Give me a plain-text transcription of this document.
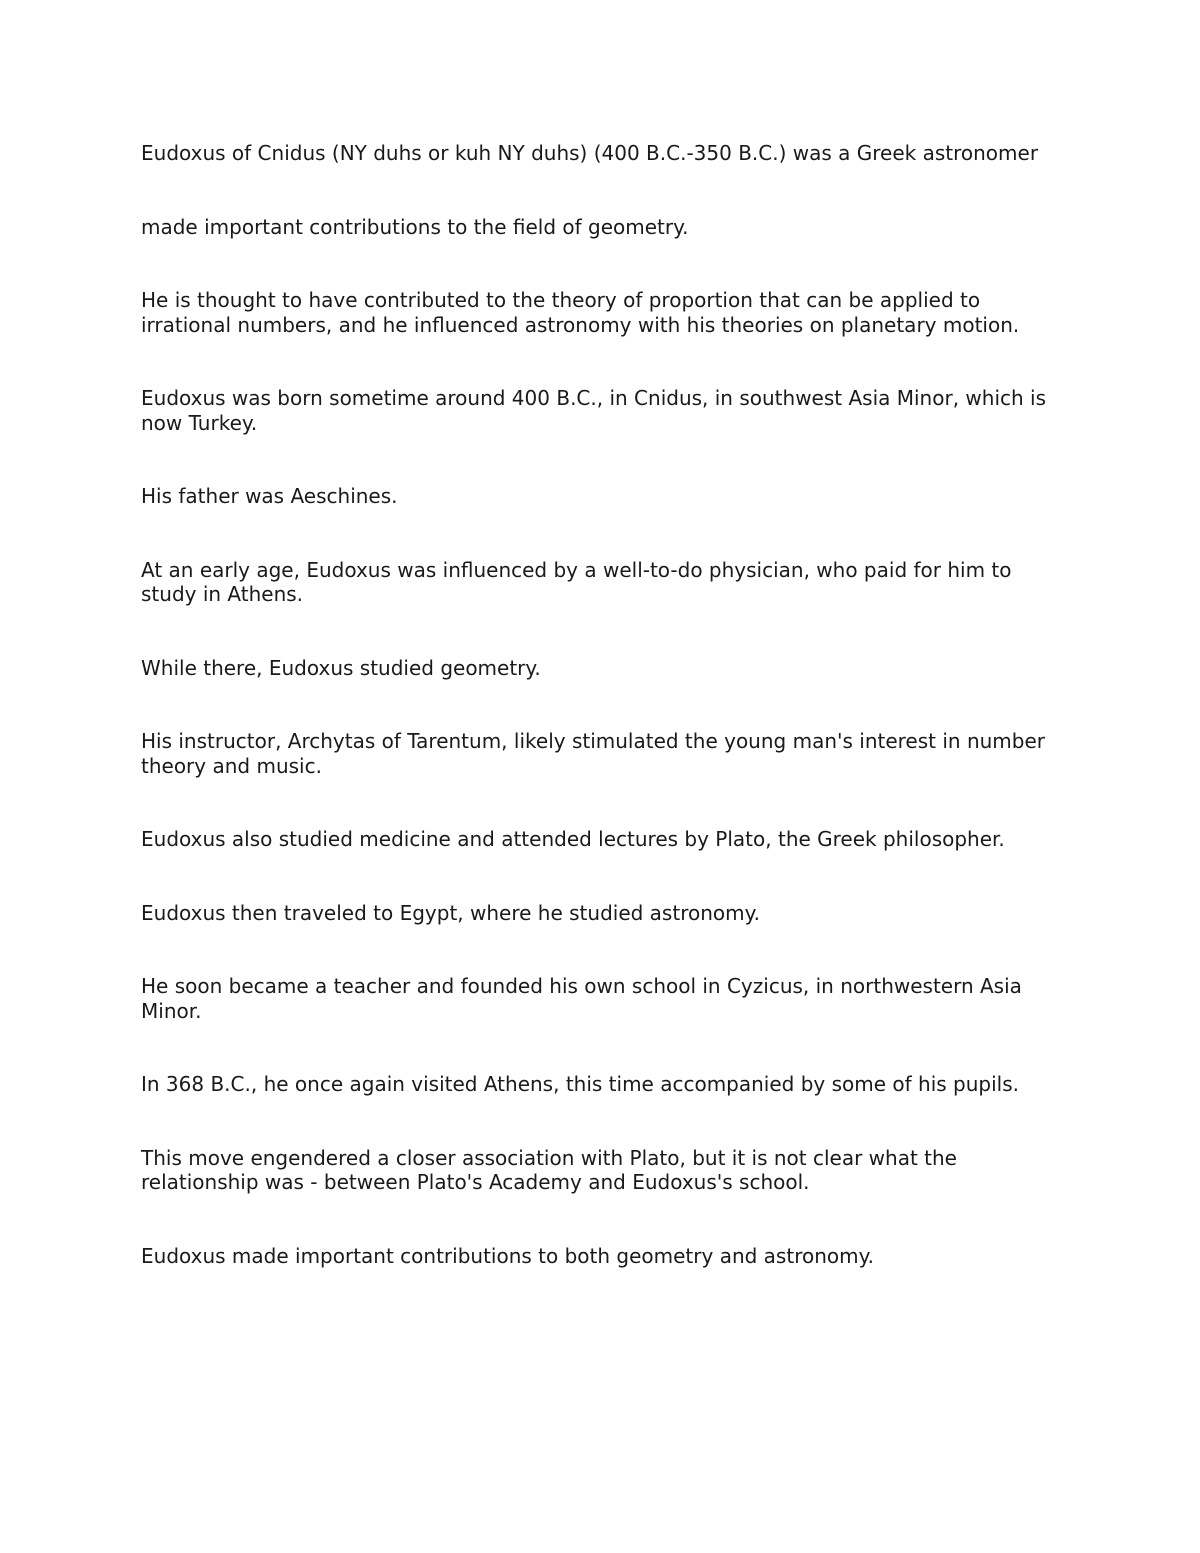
Eudoxus of Cnidus (NY duhs or kuh NY duhs) (400 B.C.-350 B.C.) was a Greek astronomer

made important contributions to the field of geometry.

He is thought to have contributed to the theory of proportion that can be applied to irrational numbers, and he influenced astronomy with his theories on planetary motion.

Eudoxus was born sometime around 400 B.C., in Cnidus, in southwest Asia Minor, which is now Turkey.

His father was Aeschines.

At an early age, Eudoxus was influenced by a well-to-do physician, who paid for him to study in Athens.

While there, Eudoxus studied geometry.

His instructor, Archytas of Tarentum, likely stimulated the young man's interest in number theory and music.

Eudoxus also studied medicine and attended lectures by Plato, the Greek philosopher.

Eudoxus then traveled to Egypt, where he studied astronomy.

He soon became a teacher and founded his own school in Cyzicus, in northwestern Asia Minor.

In 368 B.C., he once again visited Athens, this time accompanied by some of his pupils.

This move engendered a closer association with Plato, but it is not clear what the relationship was - between Plato's Academy and Eudoxus's school.

Eudoxus made important contributions to both geometry and astronomy.
